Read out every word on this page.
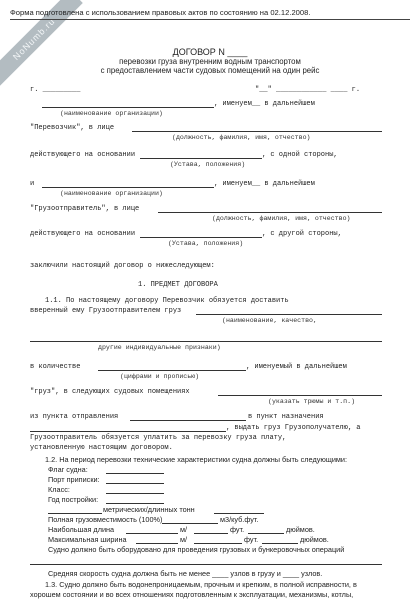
NoNumb.ru
Форма подготовлена с использованием правовых актов по состоянию на 02.12.2008.
ДОГОВОР N ____
перевозки груза внутренним водным транспортом
с предоставлением части судовых помещений на один рейс
г. _________	"__" ____________ ____ г.
, именуем__ в дальнейшем
(наименование организации)
"Перевозчик", в лице
(должность, фамилия, имя, отчество)
действующего на основании	, с одной стороны,
(Устава, положения)
и	, именуем__ в дальнейшем
(наименование организации)
"Грузоотправитель", в лице
(должность, фамилия, имя, отчество)
действующего на основании	, с другой стороны,
(Устава, положения)
заключили настоящий договор о нижеследующем:
1. ПРЕДМЕТ ДОГОВОРА
1.1. По настоящему договору Перевозчик обязуется доставить
вверенный ему Грузоотправителем груз
(наименование, качество,
другие индивидуальные признаки)
в количестве	, именуемый в дальнейшем
(цифрами и прописью)
"груз", в следующих судовых помещениях
(указать трюмы и т.п.)
из пункта отправления	в пункт назначения
, выдать груз Грузополучателю, а
Грузоотправитель обязуется уплатить за перевозку груза плату,
установленную настоящим договором.
1.2. На период перевозки технические характеристики судна должны быть следующими:
Флаг судна:
Порт приписки:
Класс:
Год постройки:
метрических/длинных тонн
Полная грузовместимость (100%)	м3/куб.фут.
Наибольшая длина	м/	фут.	дюймов.
Максимальная ширина	м/	фут.	дюймов.
Судно должно быть оборудовано для проведения грузовых и бункеровочных операций
Средняя скорость судна должна быть не менее ____ узлов в грузу и ____ узлов.
1.3. Судно должно быть водонепроницаемым, прочным и крепким, в полной исправности, в
хорошем состоянии и во всех отношениях подготовленным к эксплуатации, механизмы, котлы,
